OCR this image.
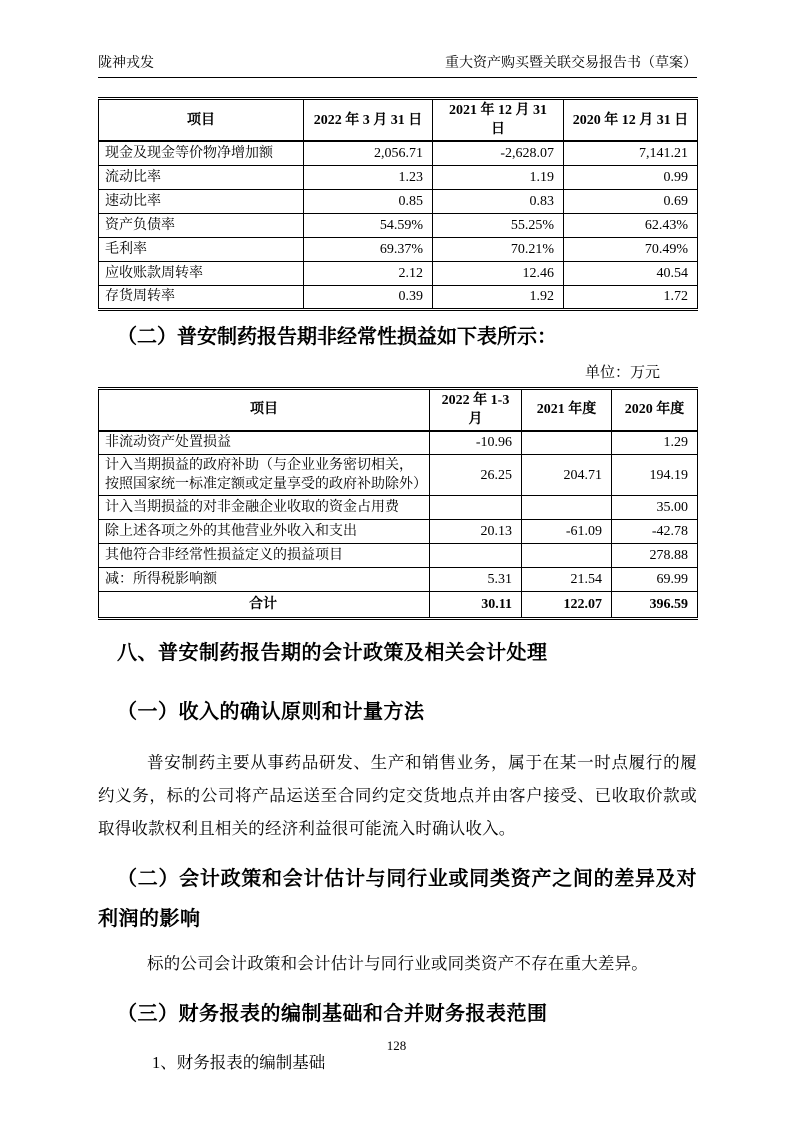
陇神戎发	重大资产购买暨关联交易报告书（草案）
项目	2022 年 3 月 31 日	2021 年 12 月 31 日	2020 年 12 月 31 日
现金及现金等价物净增加额	2,056.71	-2,628.07	7,141.21
流动比率	1.23	1.19	0.99
速动比率	0.85	0.83	0.69
资产负债率	54.59%	55.25%	62.43%
毛利率	69.37%	70.21%	70.49%
应收账款周转率	2.12	12.46	40.54
存货周转率	0.39	1.92	1.72
（二）普安制药报告期非经常性损益如下表所示：
单位：万元
项目	2022 年 1-3 月	2021 年度	2020 年度
非流动资产处置损益	-10.96		1.29
计入当期损益的政府补助（与企业业务密切相关，按照国家统一标准定额或定量享受的政府补助除外）	26.25	204.71	194.19
计入当期损益的对非金融企业收取的资金占用费			35.00
除上述各项之外的其他营业外收入和支出	20.13	-61.09	-42.78
其他符合非经常性损益定义的损益项目			278.88
减：所得税影响额	5.31	21.54	69.99
合计	30.11	122.07	396.59
八、普安制药报告期的会计政策及相关会计处理
（一）收入的确认原则和计量方法

普安制药主要从事药品研发、生产和销售业务，属于在某一时点履行的履约义务，标的公司将产品运送至合同约定交货地点并由客户接受、已收取价款或取得收款权利且相关的经济利益很可能流入时确认收入。

（二）会计政策和会计估计与同行业或同类资产之间的差异及对利润的影响

标的公司会计政策和会计估计与同行业或同类资产不存在重大差异。

（三）财务报表的编制基础和合并财务报表范围
1、财务报表的编制基础
128
